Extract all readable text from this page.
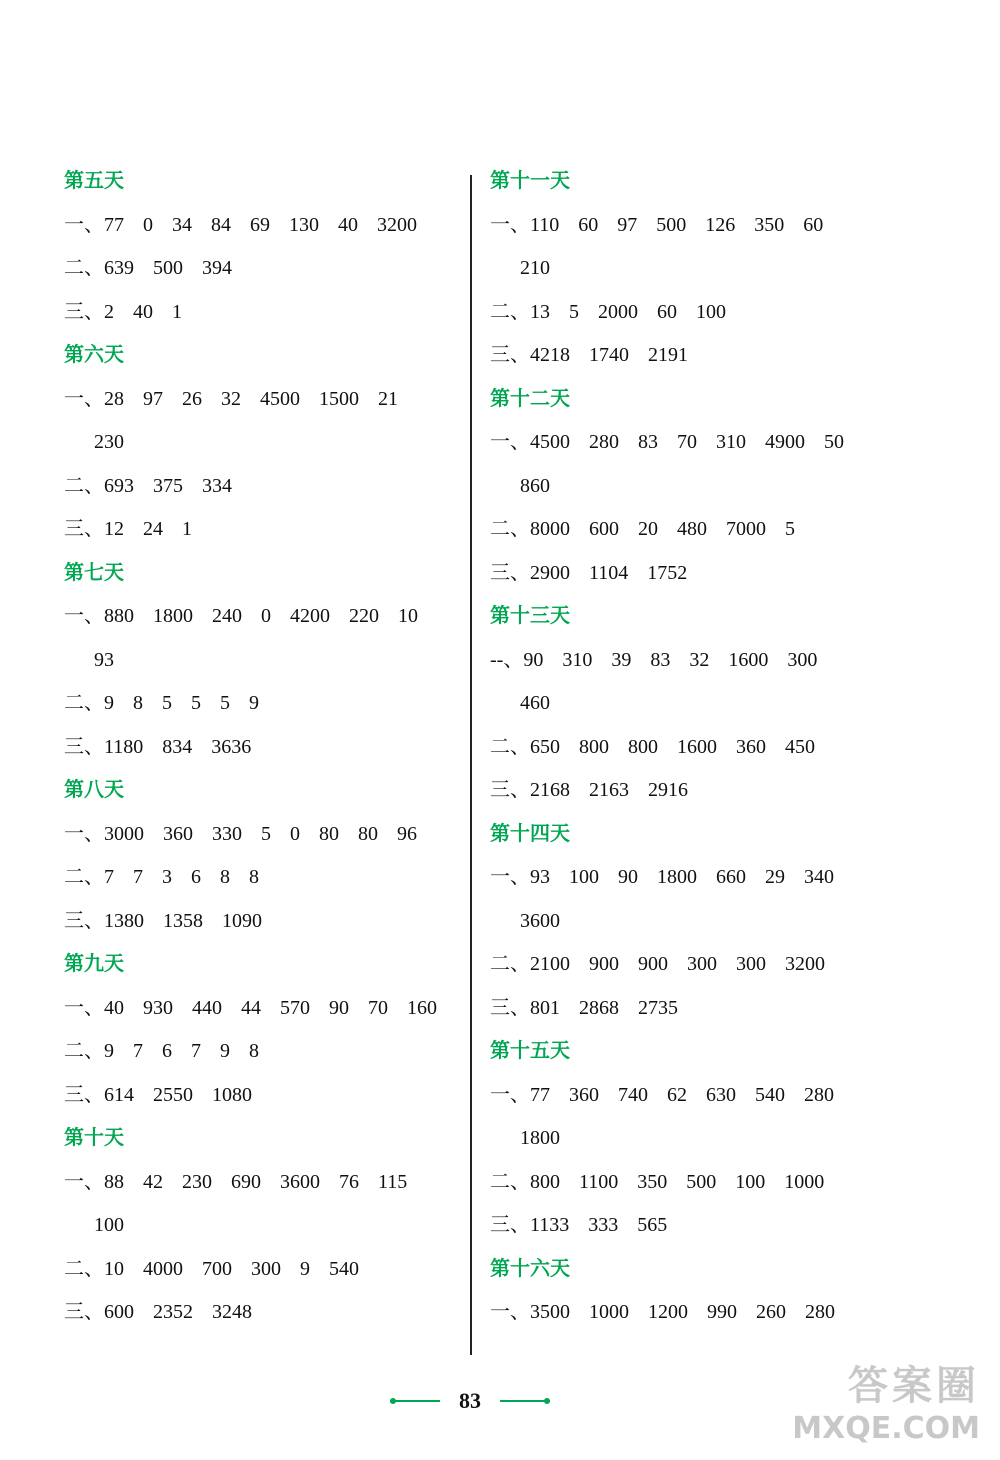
第五天
一、77 0 34 84 69 130 40 3200
二、639 500 394
三、2 40 1
第六天
一、28 97 26 32 4500 1500 21
230
二、693 375 334
三、12 24 1
第七天
一、880 1800 240 0 4200 220 10
93
二、9 8 5 5 5 9
三、1180 834 3636
第八天
一、3000 360 330 5 0 80 80 96
二、7 7 3 6 8 8
三、1380 1358 1090
第九天
一、40 930 440 44 570 90 70 160
二、9 7 6 7 9 8
三、614 2550 1080
第十天
一、88 42 230 690 3600 76 115
100
二、10 4000 700 300 9 540
三、600 2352 3248
第十一天
一、110 60 97 500 126 350 60
210
二、13 5 2000 60 100
三、4218 1740 2191
第十二天
一、4500 280 83 70 310 4900 50
860
二、8000 600 20 480 7000 5
三、2900 1104 1752
第十三天
--、90 310 39 83 32 1600 300
460
二、650 800 800 1600 360 450
三、2168 2163 2916
第十四天
一、93 100 90 1800 660 29 340
3600
二、2100 900 900 300 300 3200
三、801 2868 2735
第十五天
一、77 360 740 62 630 540 280
1800
二、800 1100 350 500 100 1000
三、1133 333 565
第十六天
一、3500 1000 1200 990 260 280
83	答案圈
MXQE.COM
